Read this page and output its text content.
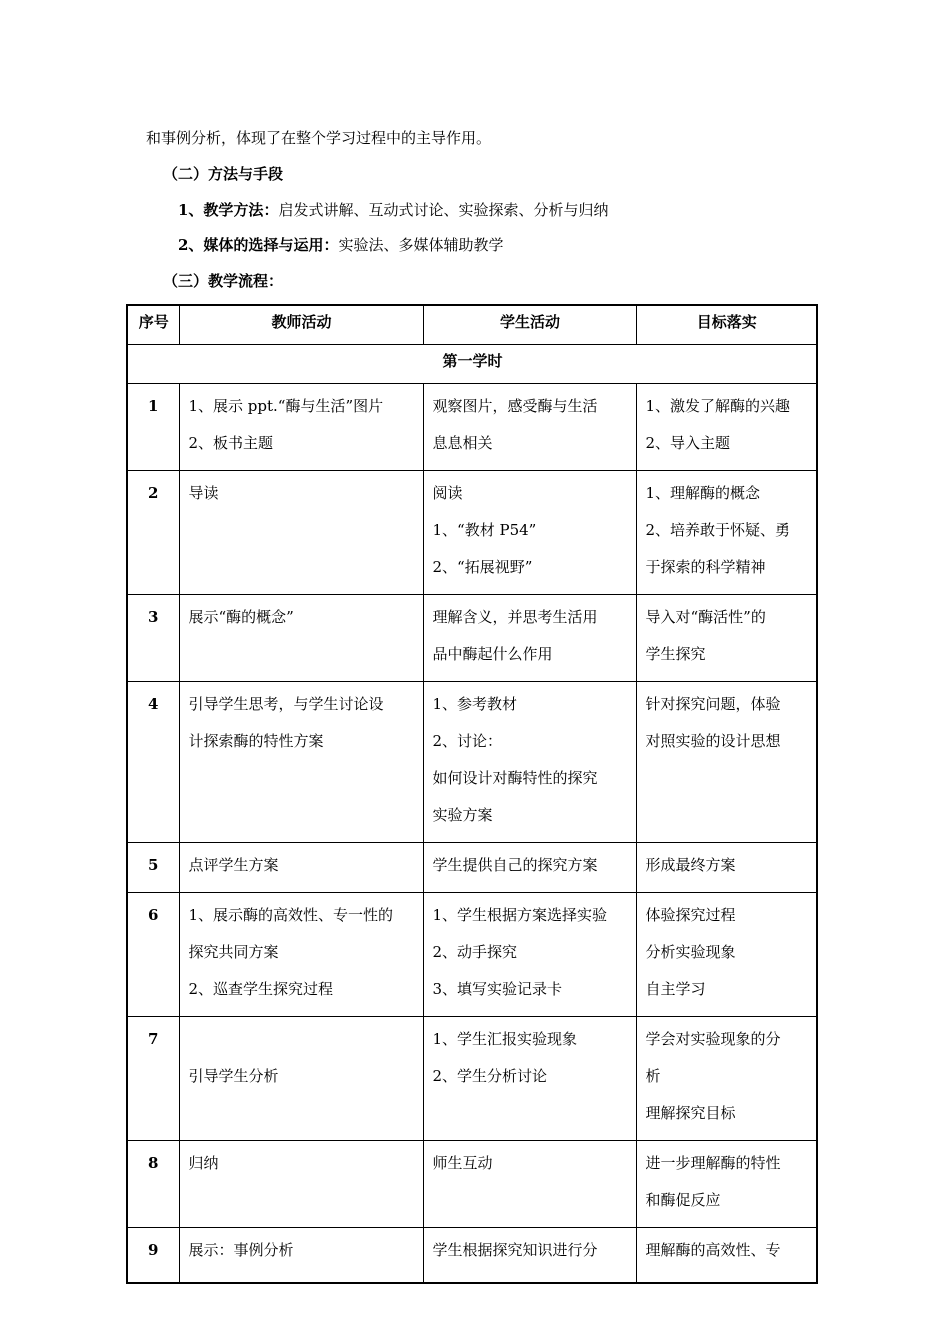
和事例分析，体现了在整个学习过程中的主导作用。
（二）方法与手段
1、教学方法：启发式讲解、互动式讨论、实验探索、分析与归纳
2、媒体的选择与运用：实验法、多媒体辅助教学
（三）教学流程：
序号	教师活动	学生活动	目标落实
第一学时			
1	1、展示 ppt.“酶与生活”图片
2、板书主题	观察图片，感受酶与生活
息息相关	1、激发了解酶的兴趣
2、导入主题

2	导读	阅读
1、“教材 P54”
2、“拓展视野”	1、理解酶的概念
2、培养敢于怀疑、勇
于探索的科学精神

3	展示“酶的概念”	理解含义，并思考生活用
品中酶起什么作用	导入对“酶活性”的
学生探究

4	引导学生思考，与学生讨论设
计探索酶的特性方案	1、参考教材
2、讨论：
如何设计对酶特性的探究
实验方案	针对探究问题，体验
对照实验的设计思想

5	点评学生方案	学生提供自己的探究方案	形成最终方案

6	1、展示酶的高效性、专一性的
探究共同方案
2、巡查学生探究过程	1、学生根据方案选择实验
2、动手探究
3、填写实验记录卡	体验探究过程
分析实验现象
自主学习

7	引导学生分析	1、学生汇报实验现象
2、学生分析讨论	学会对实验现象的分
析
理解探究目标

8	归纳	师生互动	进一步理解酶的特性
和酶促反应

9	展示：事例分析	学生根据探究知识进行分	理解酶的高效性、专
